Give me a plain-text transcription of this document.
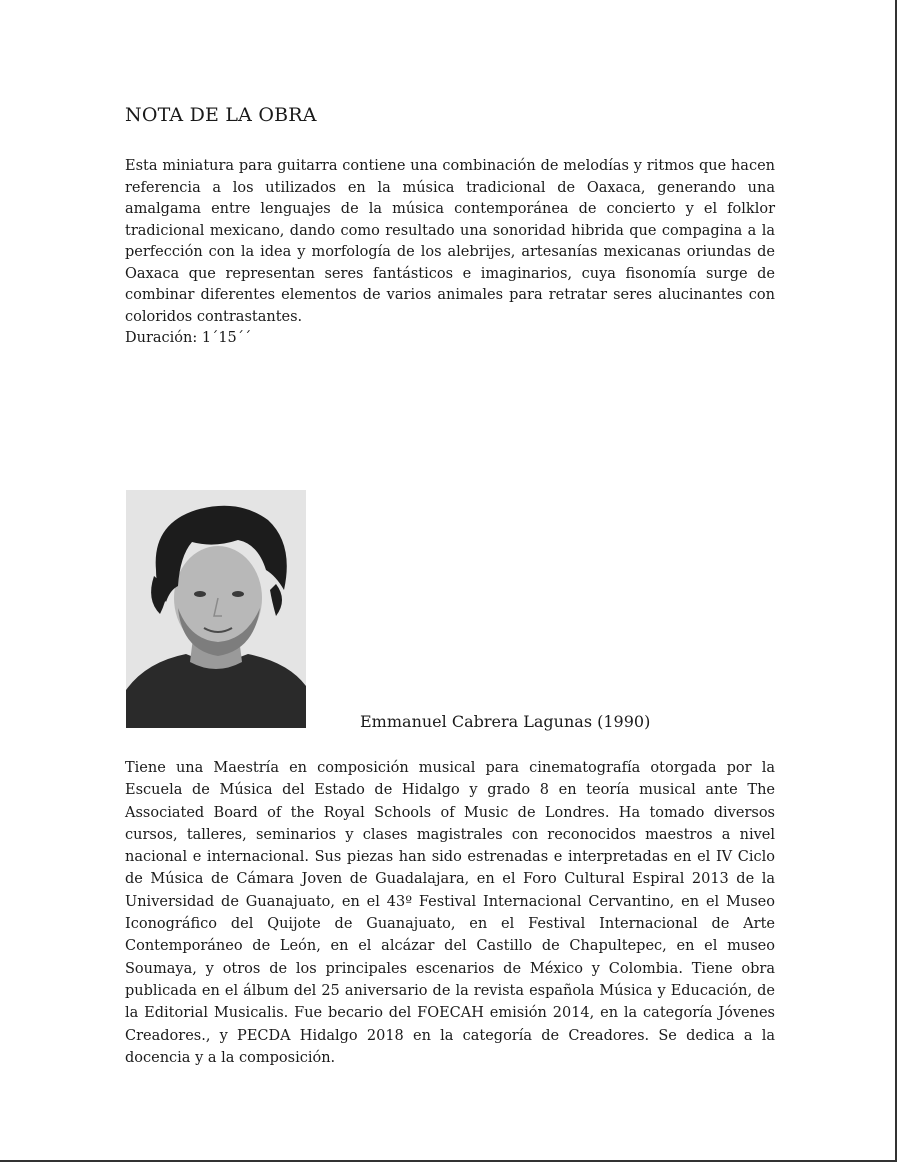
NOTA DE LA OBRA

Esta miniatura para guitarra contiene una combinación de melodías y ritmos que hacen referencia a los utilizados en la música tradicional de Oaxaca, generando una amalgama entre lenguajes de la música contemporánea de concierto y el folklor tradicional mexicano, dando como resultado una sonoridad hibrida que compagina a la perfección con la idea y morfología de los alebrijes, artesanías mexicanas oriundas de Oaxaca que representan seres fantásticos e imaginarios, cuya fisonomía surge de combinar diferentes elementos de varios animales para retratar seres alucinantes con coloridos contrastantes.

Duración: 1´15´´

Emmanuel Cabrera Lagunas (1990)

Tiene una Maestría en composición musical para cinematografía otorgada por la Escuela de Música del Estado de Hidalgo y grado 8 en teoría musical ante The Associated Board of the Royal Schools of Music de Londres. Ha tomado diversos cursos, talleres, seminarios y clases magistrales con reconocidos maestros a nivel nacional e internacional. Sus piezas han sido estrenadas e interpretadas en el IV Ciclo de Música de Cámara Joven de Guadalajara, en el Foro Cultural Espiral 2013 de la Universidad de Guanajuato, en el 43º Festival Internacional Cervantino, en el Museo Iconográfico del Quijote de Guanajuato, en el Festival Internacional de Arte Contemporáneo de León, en el alcázar del Castillo de Chapultepec, en el museo Soumaya, y otros de los principales escenarios de México y Colombia. Tiene obra publicada en el álbum del 25 aniversario de la revista española Música y Educación, de la Editorial Musicalis. Fue becario del FOECAH emisión 2014, en la categoría Jóvenes Creadores., y PECDA Hidalgo 2018 en la categoría de Creadores. Se dedica a la docencia y a la composición.
